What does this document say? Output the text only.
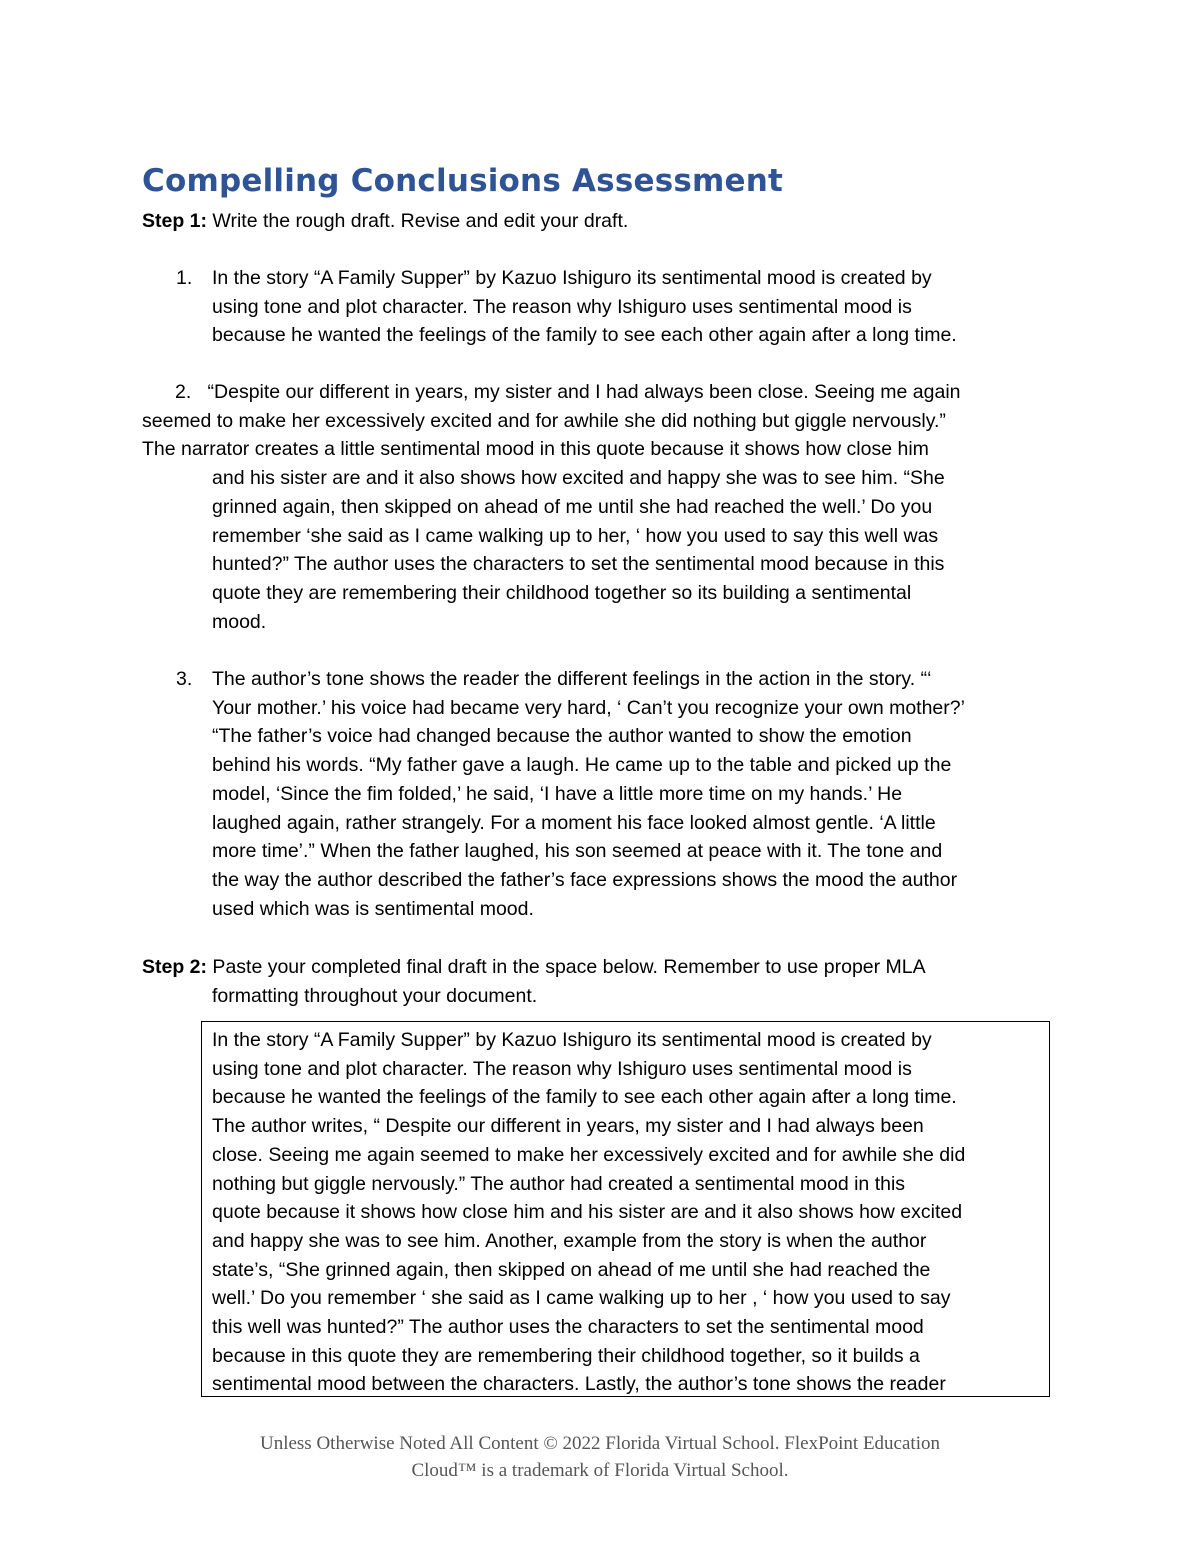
Compelling Conclusions Assessment
Step 1: Write the rough draft. Revise and edit your draft.
1. In the story “A Family Supper” by Kazuo Ishiguro its sentimental mood is created by
using tone and plot character. The reason why Ishiguro uses sentimental mood is
because he wanted the feelings of the family to see each other again after a long time.
2. “Despite our different in years, my sister and I had always been close. Seeing me again
seemed to make her excessively excited and for awhile she did nothing but giggle nervously.”
The narrator creates a little sentimental mood in this quote because it shows how close him
and his sister are and it also shows how excited and happy she was to see him. “She
grinned again, then skipped on ahead of me until she had reached the well.’ Do you
remember ‘she said as I came walking up to her, ‘ how you used to say this well was
hunted?” The author uses the characters to set the sentimental mood because in this
quote they are remembering their childhood together so its building a sentimental
mood.
3. The author’s tone shows the reader the different feelings in the action in the story. “‘
Your mother.’ his voice had became very hard, ‘ Can’t you recognize your own mother?’
“The father’s voice had changed because the author wanted to show the emotion
behind his words. “My father gave a laugh. He came up to the table and picked up the
model, ‘Since the fim folded,’ he said, ‘I have a little more time on my hands.’ He
laughed again, rather strangely. For a moment his face looked almost gentle. ‘A little
more time’.” When the father laughed, his son seemed at peace with it. The tone and
the way the author described the father’s face expressions shows the mood the author
used which was is sentimental mood.
Step 2: Paste your completed final draft in the space below. Remember to use proper MLA
formatting throughout your document.
In the story “A Family Supper” by Kazuo Ishiguro its sentimental mood is created by
using tone and plot character. The reason why Ishiguro uses sentimental mood is
because he wanted the feelings of the family to see each other again after a long time.
The author writes, “ Despite our different in years, my sister and I had always been
close. Seeing me again seemed to make her excessively excited and for awhile she did
nothing but giggle nervously.” The author had created a sentimental mood in this
quote because it shows how close him and his sister are and it also shows how excited
and happy she was to see him. Another, example from the story is when the author
state’s, “She grinned again, then skipped on ahead of me until she had reached the
well.’ Do you remember ‘ she said as I came walking up to her , ‘ how you used to say
this well was hunted?” The author uses the characters to set the sentimental mood
because in this quote they are remembering their childhood together, so it builds a
sentimental mood between the characters. Lastly, the author’s tone shows the reader
Unless Otherwise Noted All Content © 2022 Florida Virtual School. FlexPoint Education
Cloud™ is a trademark of Florida Virtual School.
